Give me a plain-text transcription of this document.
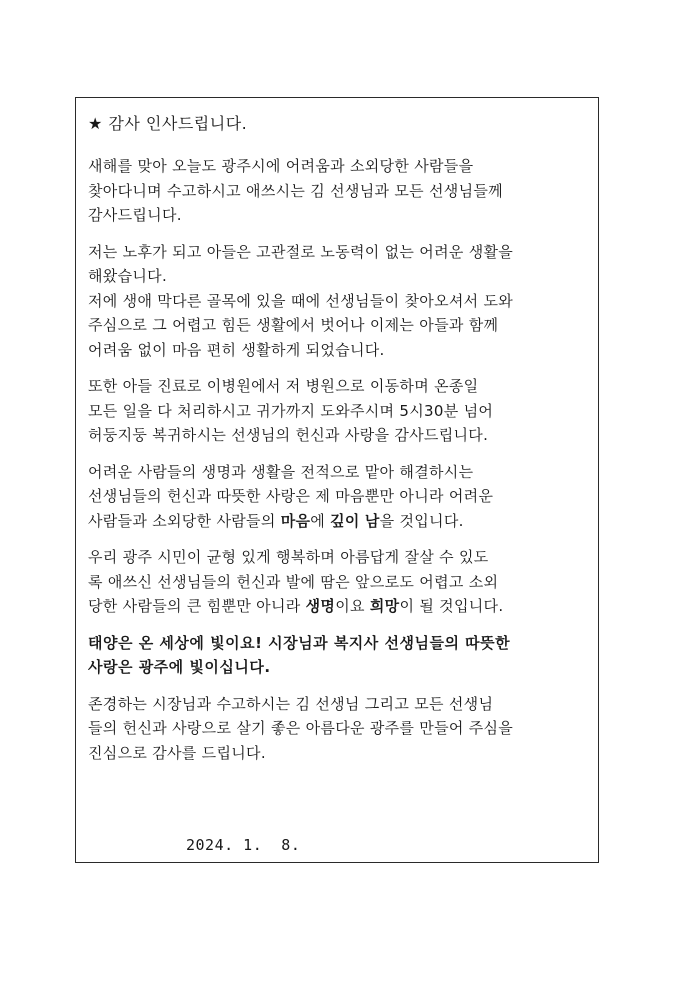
★ 감사 인사드립니다.
새해를 맞아 오늘도 광주시에 어려움과 소외당한 사람들을
찾아다니며 수고하시고 애쓰시는 김 선생님과 모든 선생님들께
감사드립니다.
저는 노후가 되고 아들은 고관절로 노동력이 없는 어려운 생활을
해왔습니다.
저에 생애 막다른 골목에 있을 때에 선생님들이 찾아오셔서 도와
주심으로 그 어렵고 힘든 생활에서 벗어나 이제는 아들과 함께
어려움 없이 마음 편히 생활하게 되었습니다.
또한 아들 진료로 이병원에서 저 병원으로 이동하며 온종일
모든 일을 다 처리하시고 귀가까지 도와주시며 5시30분 넘어
허둥지둥 복귀하시는 선생님의 헌신과 사랑을 감사드립니다.
어려운 사람들의 생명과 생활을 전적으로 맡아 해결하시는
선생님들의 헌신과 따뜻한 사랑은 제 마음뿐만 아니라 어려운
사람들과 소외당한 사람들의 마음에 깊이 남을 것입니다.
우리 광주 시민이 균형 있게 행복하며 아름답게 잘살 수 있도
록 애쓰신 선생님들의 헌신과 발에 땀은 앞으로도 어렵고 소외
당한 사람들의 큰 힘뿐만 아니라 생명이요 희망이 될 것입니다.
태양은 온 세상에 빛이요! 시장님과 복지사 선생님들의 따뜻한
사랑은 광주에 빛이십니다.
존경하는 시장님과 수고하시는 김 선생님 그리고 모든 선생님
들의 헌신과 사랑으로 살기 좋은 아름다운 광주를 만들어 주심을
진심으로 감사를 드립니다.
2024. 1.  8.
